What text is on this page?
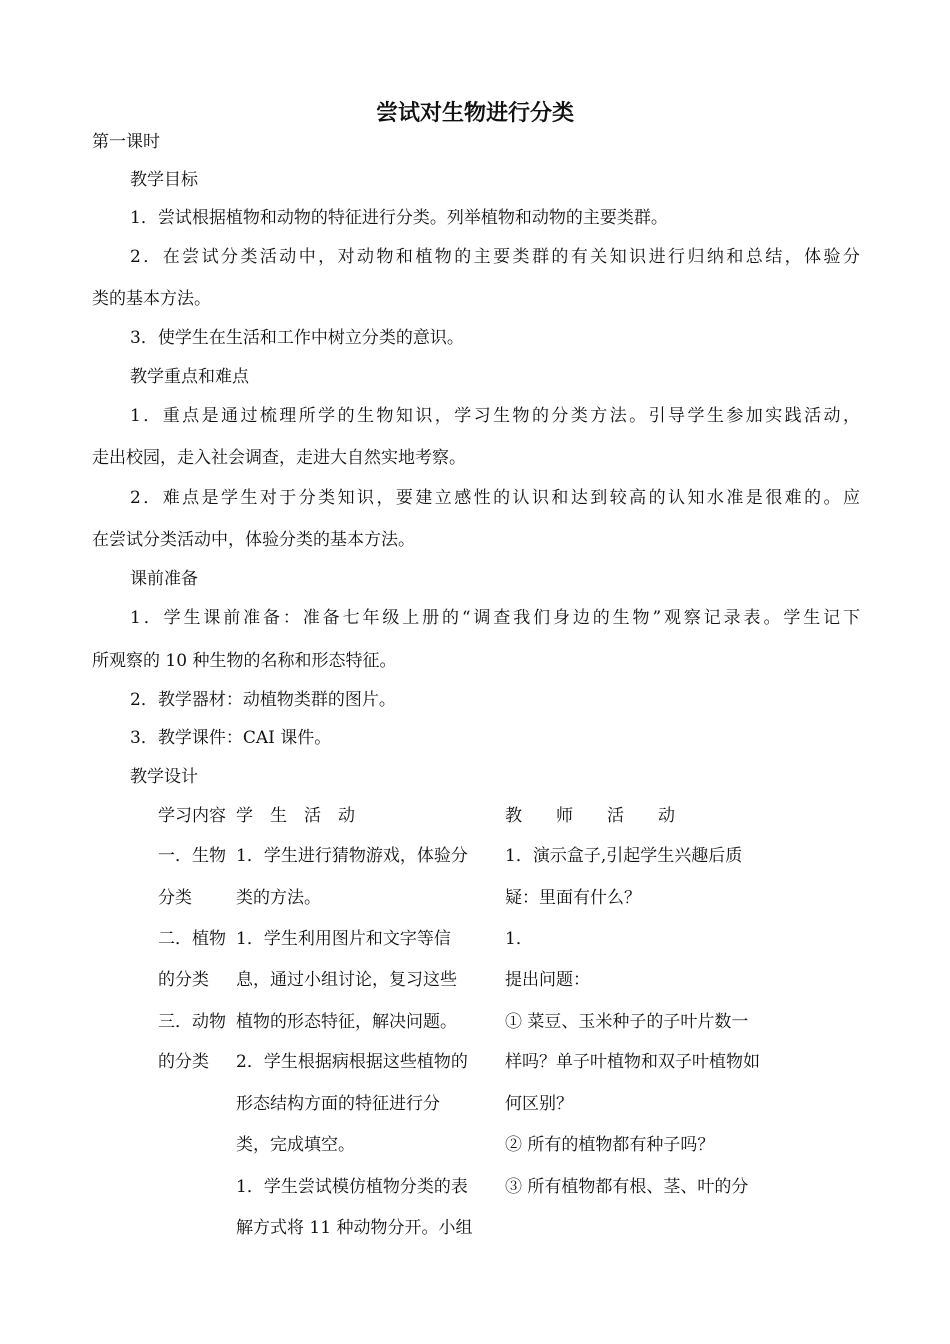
尝试对生物进行分类
第一课时
教学目标
1．尝试根据植物和动物的特征进行分类。列举植物和动物的主要类群。
2．在尝试分类活动中，对动物和植物的主要类群的有关知识进行归纳和总结，体验分
类的基本方法。
3．使学生在生活和工作中树立分类的意识。
教学重点和难点
1．重点是通过梳理所学的生物知识，学习生物的分类方法。引导学生参加实践活动，
走出校园，走入社会调查，走进大自然实地考察。
2．难点是学生对于分类知识，要建立感性的认识和达到较高的认知水准是很难的。应
在尝试分类活动中，体验分类的基本方法。
课前准备
1．学生课前准备：准备七年级上册的“调查我们身边的生物”观察记录表。学生记下
所观察的 10 种生物的名称和形态特征。
2．教学器材：动植物类群的图片。
3．教学课件：CAI 课件。
教学设计
学习内容 学　生　活　动	教　　师　　活　　动
一．生物
分类
二．植物
的分类
三．动物
的分类
1．学生进行猜物游戏，体验分
类的方法。
1．学生利用图片和文字等信
息，通过小组讨论，复习这些
植物的形态特征，解决问题。
2．学生根据病根据这些植物的
形态结构方面的特征进行分
类，完成填空。
1．学生尝试模仿植物分类的表
解方式将 11 种动物分开。小组
1．演示盒子,引起学生兴趣后质
疑：里面有什么？
1．
提出问题：
① 菜豆、玉米种子的子叶片数一
样吗？单子叶植物和双子叶植物如
何区别？
② 所有的植物都有种子吗？
③ 所有植物都有根、茎、叶的分
